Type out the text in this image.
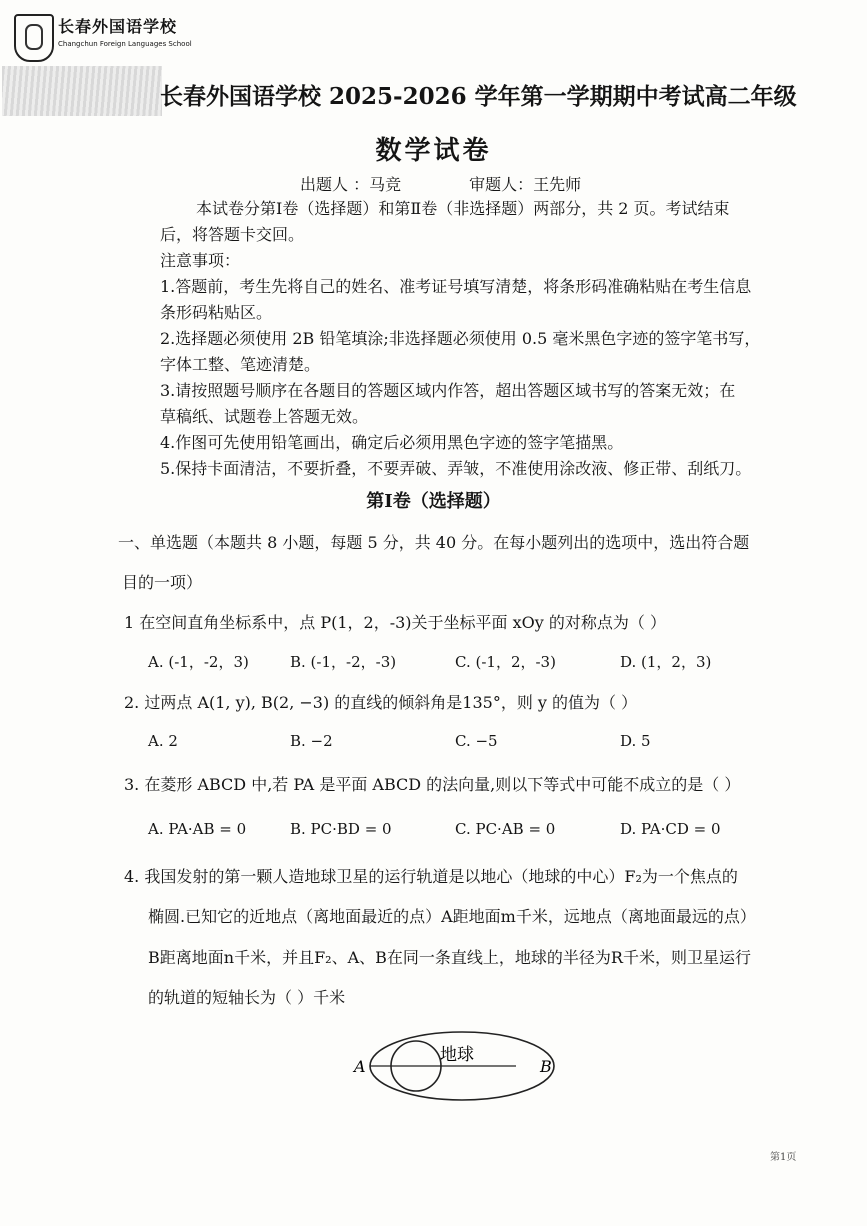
长春外国语学校
Changchun Foreign Languages School
长春外国语学校 2025-2026 学年第一学期期中考试高二年级
数学试卷
出题人 ：马竞	审题人：王先师
本试卷分第Ⅰ卷（选择题）和第Ⅱ卷（非选择题）两部分，共 2 页。考试结束
后，将答题卡交回。
注意事项：
1.答题前，考生先将自己的姓名、准考证号填写清楚，将条形码准确粘贴在考生信息
条形码粘贴区。
2.选择题必须使用 2B 铅笔填涂;非选择题必须使用 0.5 毫米黑色字迹的签字笔书写，
字体工整、笔迹清楚。
3.请按照题号顺序在各题目的答题区域内作答，超出答题区域书写的答案无效；在
草稿纸、试题卷上答题无效。
4.作图可先使用铅笔画出，确定后必须用黑色字迹的签字笔描黑。
5.保持卡面清洁，不要折叠，不要弄破、弄皱，不准使用涂改液、修正带、刮纸刀。
第Ⅰ卷（选择题）
一、单选题（本题共 8 小题，每题 5 分，共 40 分。在每小题列出的选项中，选出符合题
目的一项）
1 在空间直角坐标系中，点 P(1，2，-3)关于坐标平面 xOy 的对称点为（ ）
A. (-1，-2，3)	B. (-1，-2，-3)	C. (-1，2，-3)	D. (1，2，3)
2. 过两点 A(1, y), B(2, −3) 的直线的倾斜角是135°，则 y 的值为（ ）
A. 2	B. −2	C. −5	D. 5
3. 在菱形 ABCD 中,若 PA 是平面 ABCD 的法向量,则以下等式中可能不成立的是（ ）
A. PA·AB = 0	B. PC·BD = 0	C. PC·AB = 0	D. PA·CD = 0
4. 我国发射的第一颗人造地球卫星的运行轨道是以地心（地球的中心）F₂为一个焦点的
椭圆.已知它的近地点（离地面最近的点）A距地面m千米，远地点（离地面最远的点）
B距离地面n千米，并且F₂、A、B在同一条直线上，地球的半径为R千米，则卫星运行
的轨道的短轴长为（ ）千米
地球
A	B
第1页
